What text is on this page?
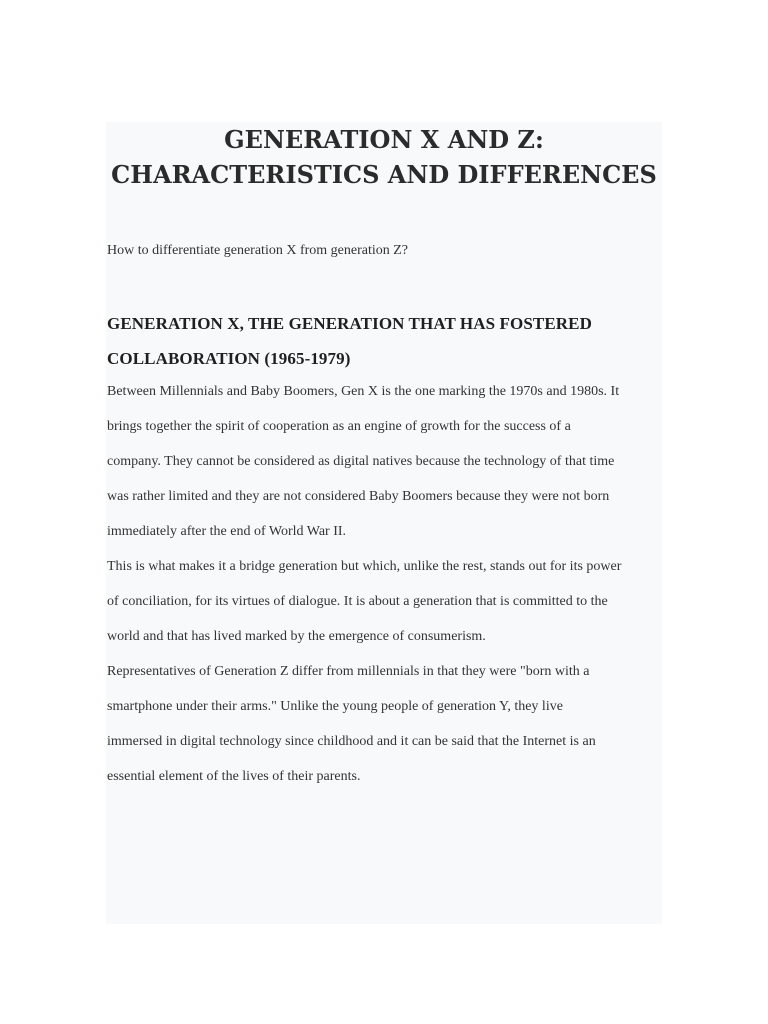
GENERATION X AND Z:
CHARACTERISTICS AND DIFFERENCES

How to differentiate generation X from generation Z?

GENERATION X, THE GENERATION THAT HAS FOSTERED
COLLABORATION (1965-1979)
Between Millennials and Baby Boomers, Gen X is the one marking the 1970s and 1980s. It
brings together the spirit of cooperation as an engine of growth for the success of a
company. They cannot be considered as digital natives because the technology of that time
was rather limited and they are not considered Baby Boomers because they were not born
immediately after the end of World War II.
This is what makes it a bridge generation but which, unlike the rest, stands out for its power
of conciliation, for its virtues of dialogue. It is about a generation that is committed to the
world and that has lived marked by the emergence of consumerism.
Representatives of Generation Z differ from millennials in that they were "born with a
smartphone under their arms." Unlike the young people of generation Y, they live
immersed in digital technology since childhood and it can be said that the Internet is an
essential element of the lives of their parents.
